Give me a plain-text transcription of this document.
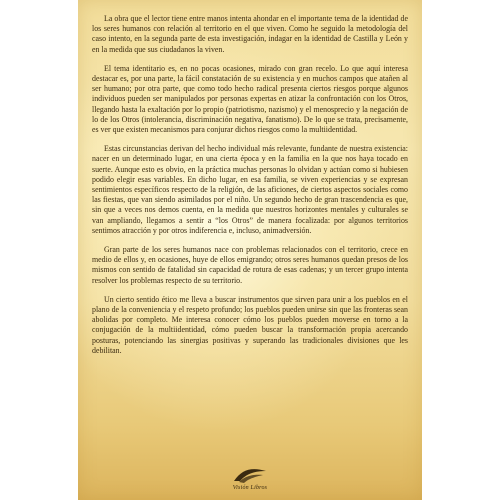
La obra que el lector tiene entre manos intenta ahondar en el importante tema de la identidad de los seres humanos con relación al territorio en el que viven. Como he seguido la metodología del caso intento, en la segunda parte de esta investigación, indagar en la identidad de Castilla y León y en la medida que sus ciudadanos la viven.

El tema identitario es, en no pocas ocasiones, mirado con gran recelo. Lo que aquí interesa destacar es, por una parte, la fácil constatación de su existencia y en muchos campos que atañen al ser humano; por otra parte, que como todo hecho radical presenta ciertos riesgos porque algunos individuos pueden ser manipulados por personas expertas en atizar la confrontación con los Otros, llegando hasta la exaltación por lo propio (patriotismo, nazismo) y el menosprecio y la negación de lo de los Otros (intolerancia, discriminación negativa, fanatismo). De lo que se trata, precisamente, es ver que existen mecanismos para conjurar dichos riesgos como la multiidentidad.

Estas circunstancias derivan del hecho individual más relevante, fundante de nuestra existencia: nacer en un determinado lugar, en una cierta época y en la familia en la que nos haya tocado en suerte. Aunque esto es obvio, en la práctica muchas personas lo olvidan y actúan como si hubiesen podido elegir esas variables. En dicho lugar, en esa familia, se viven experiencias y se expresan sentimientos específicos respecto de la religión, de las aficiones, de ciertos aspectos sociales como las fiestas, que van siendo asimilados por el niño. Un segundo hecho de gran trascendencia es que, sin que a veces nos demos cuenta, en la medida que nuestros horizontes mentales y culturales se van ampliando, llegamos a sentir a “los Otros” de manera focalizada: por algunos territorios sentimos atracción y por otros indiferencia e, incluso, animadversión.

Gran parte de los seres humanos nace con problemas relacionados con el territorio, crece en medio de ellos y, en ocasiones, huye de ellos emigrando; otros seres humanos quedan presos de los mismos con sentido de fatalidad sin capacidad de rotura de esas cadenas; y un tercer grupo intenta resolver los problemas respecto de su territorio.

Un cierto sentido ético me lleva a buscar instrumentos que sirven para unir a los pueblos en el plano de la conveniencia y el respeto profundo; los pueblos pueden unirse sin que las fronteras sean abolidas por completo. Me interesa conocer cómo los pueblos pueden moverse en torno a la conjugación de la multiidentidad, cómo pueden buscar la transformación propia acercando posturas, potenciando las sinergias positivas y superando las tradicionales divisiones que les debilitan.

Visión Libros
